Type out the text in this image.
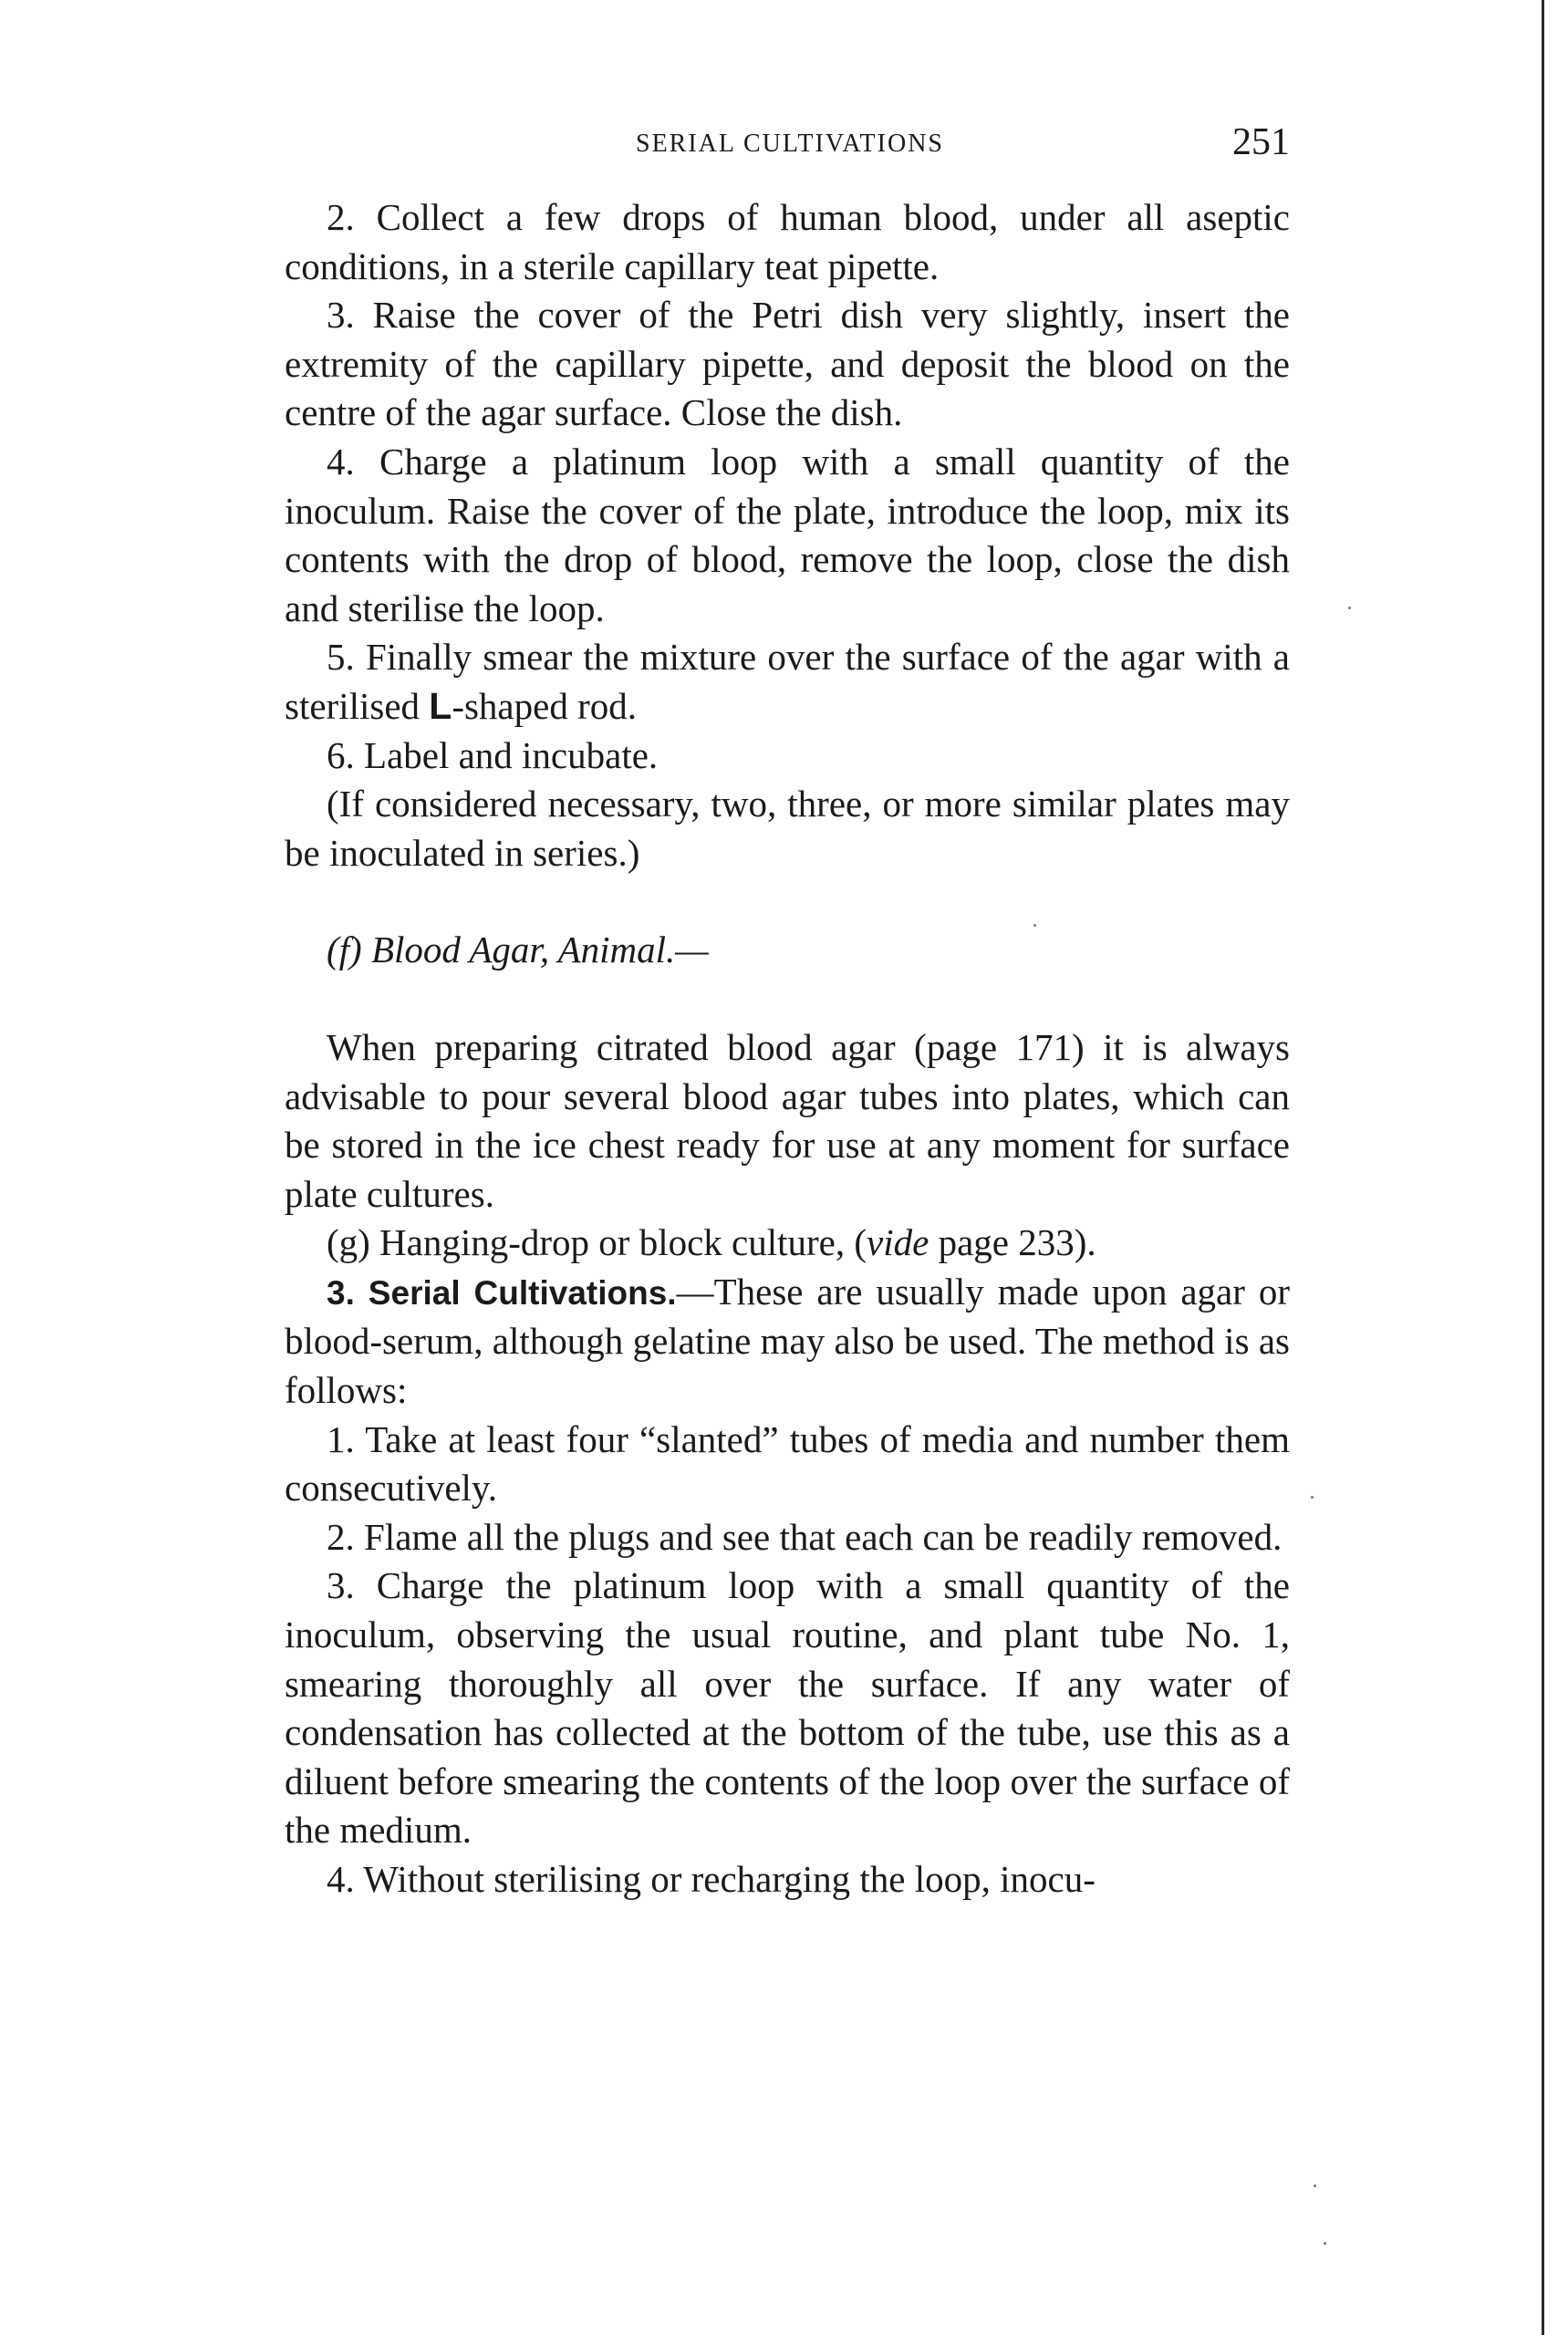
SERIAL CULTIVATIONS	251

2. Collect a few drops of human blood, under all aseptic conditions, in a sterile capillary teat pipette.

3. Raise the cover of the Petri dish very slightly, insert the extremity of the capillary pipette, and deposit the blood on the centre of the agar surface. Close the dish.

4. Charge a platinum loop with a small quantity of the inoculum. Raise the cover of the plate, introduce the loop, mix its contents with the drop of blood, remove the loop, close the dish and sterilise the loop.

5. Finally smear the mixture over the surface of the agar with a sterilised L-shaped rod.

6. Label and incubate.

(If considered necessary, two, three, or more similar plates may be inoculated in series.)

(f) Blood Agar, Animal.—

When preparing citrated blood agar (page 171) it is always advisable to pour several blood agar tubes into plates, which can be stored in the ice chest ready for use at any moment for surface plate cultures.

(g) Hanging-drop or block culture, (vide page 233).

3. Serial Cultivations.—These are usually made upon agar or blood-serum, although gelatine may also be used. The method is as follows:

1. Take at least four “slanted” tubes of media and number them consecutively.

2. Flame all the plugs and see that each can be readily removed.

3. Charge the platinum loop with a small quantity of the inoculum, observing the usual routine, and plant tube No. 1, smearing thoroughly all over the surface. If any water of condensation has collected at the bottom of the tube, use this as a diluent before smearing the contents of the loop over the surface of the medium.

4. Without sterilising or recharging the loop, inocu-
